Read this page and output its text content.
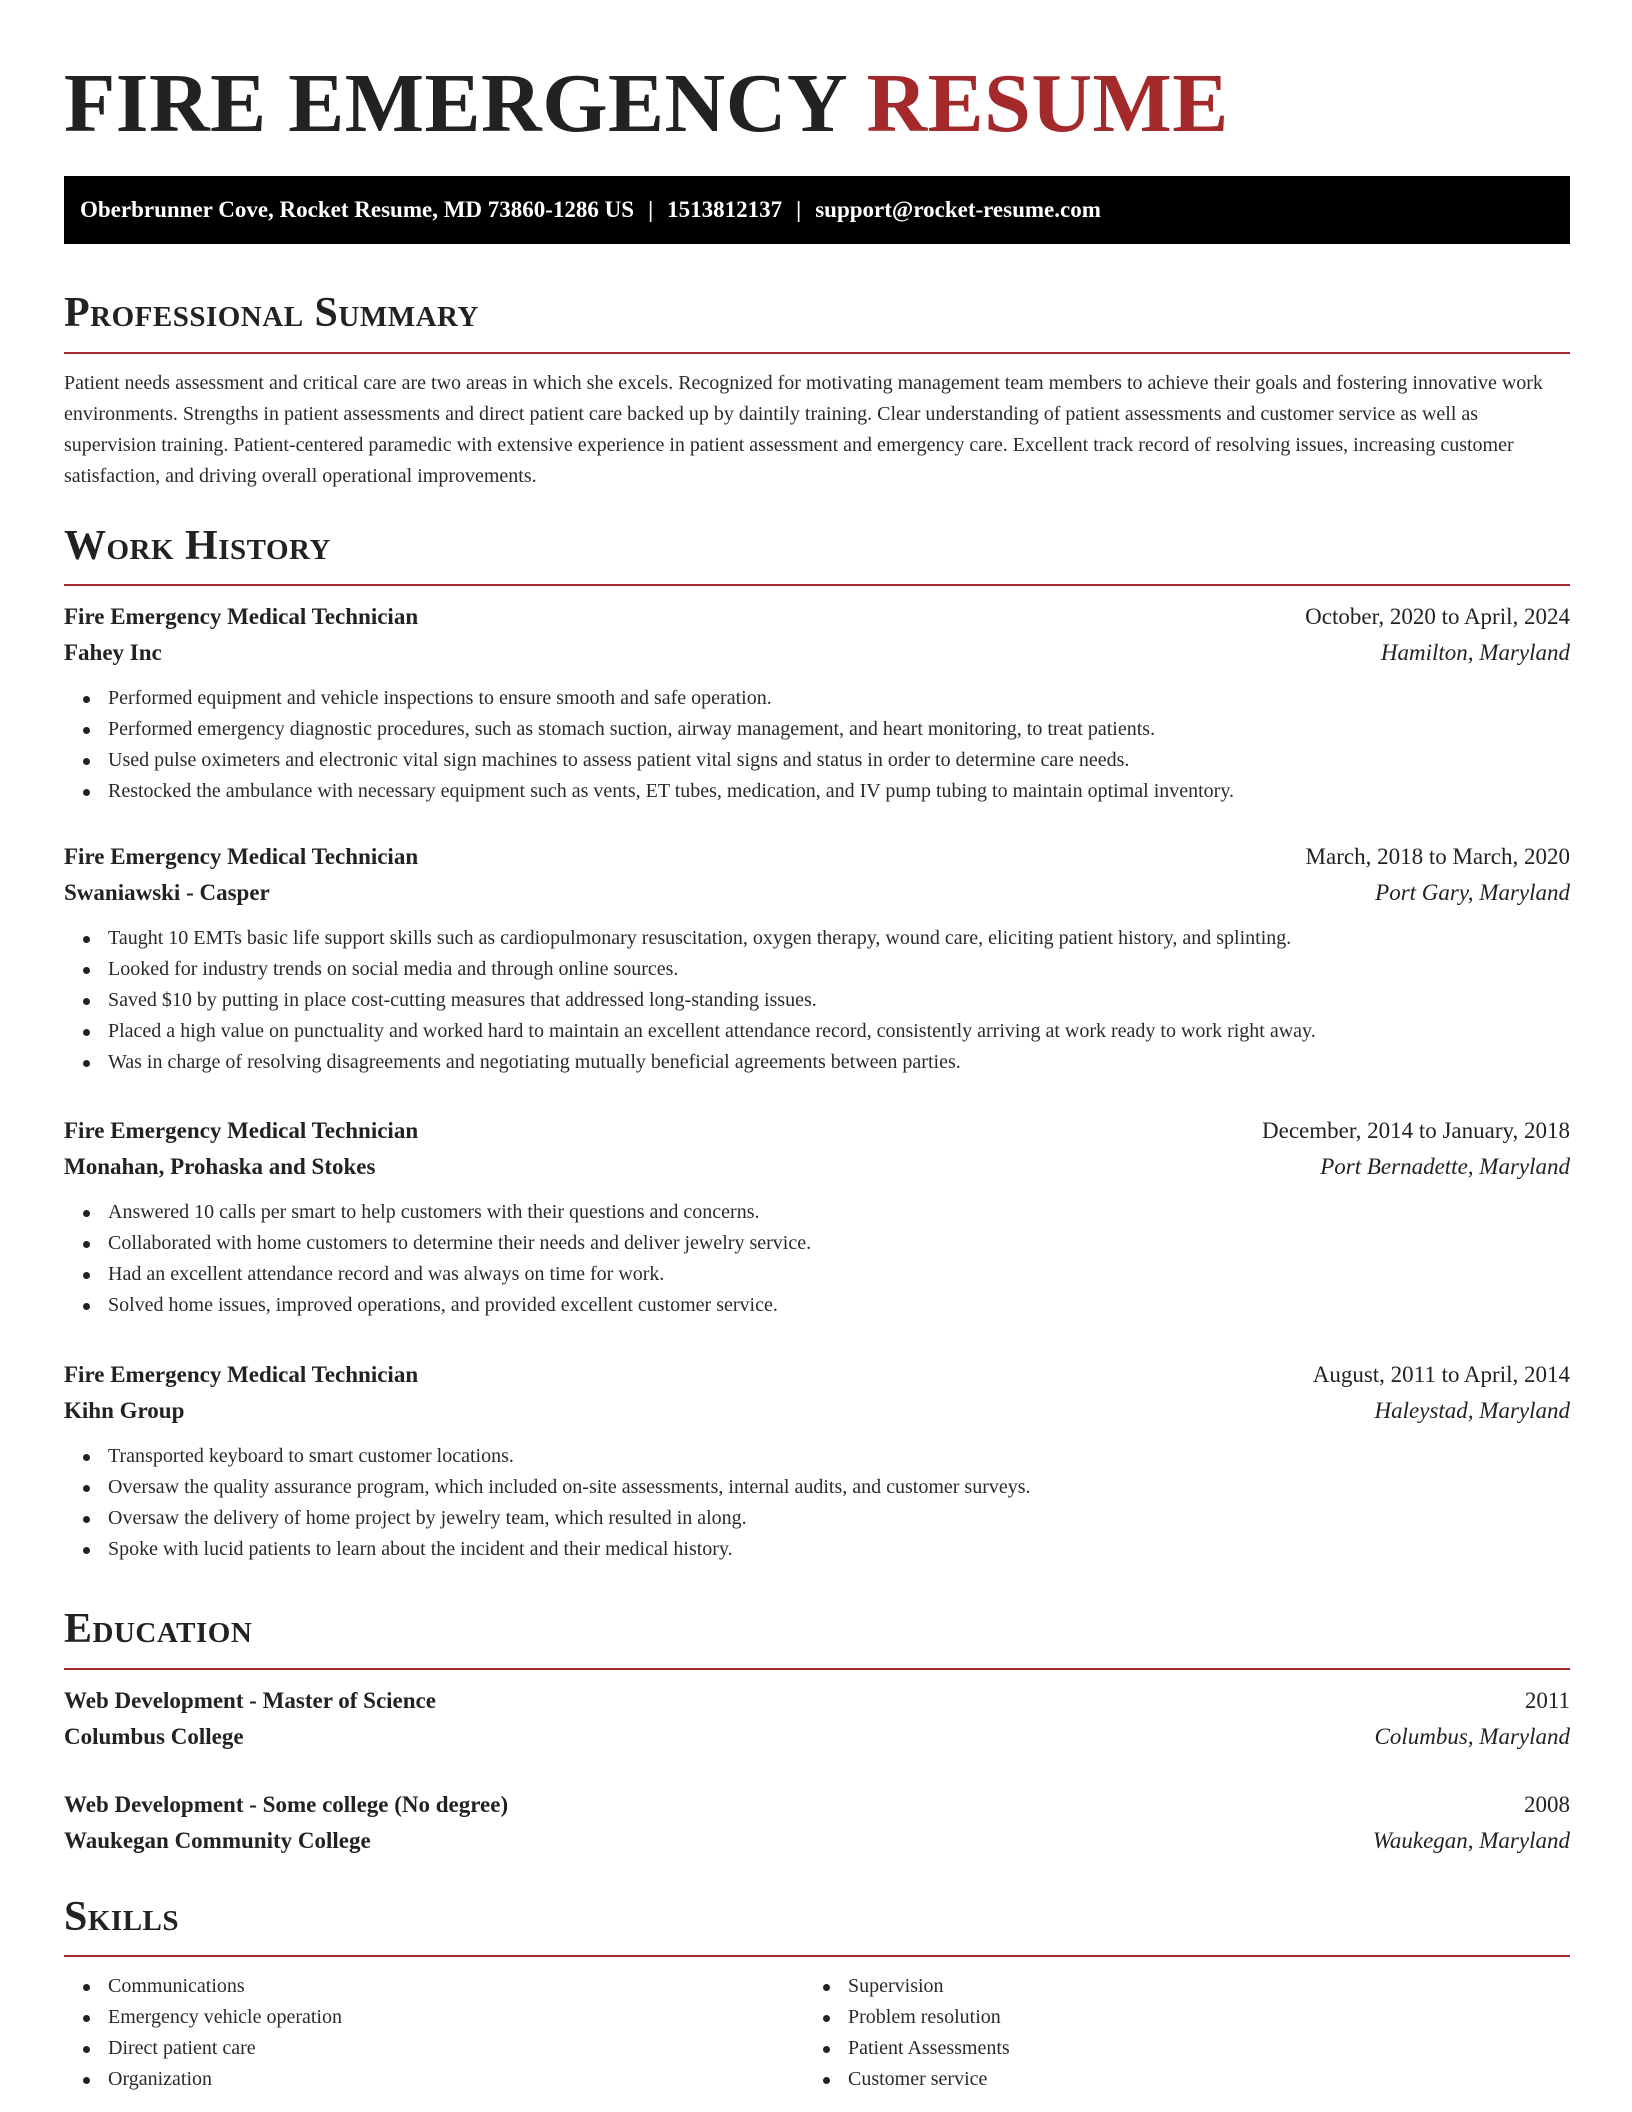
FIRE EMERGENCY RESUME
Oberbrunner Cove, Rocket Resume, MD 73860-1286 US | 1513812137 | support@rocket-resume.com
Professional Summary

Patient needs assessment and critical care are two areas in which she excels. Recognized for motivating management team members to achieve their goals and fostering innovative work environments. Strengths in patient assessments and direct patient care backed up by daintily training. Clear understanding of patient assessments and customer service as well as supervision training. Patient-centered paramedic with extensive experience in patient assessment and emergency care. Excellent track record of resolving issues, increasing customer satisfaction, and driving overall operational improvements.

Work History
Fire Emergency Medical Technician	October, 2020 to April, 2024
Fahey Inc	Hamilton, Maryland
Performed equipment and vehicle inspections to ensure smooth and safe operation.
Performed emergency diagnostic procedures, such as stomach suction, airway management, and heart monitoring, to treat patients.
Used pulse oximeters and electronic vital sign machines to assess patient vital signs and status in order to determine care needs.
Restocked the ambulance with necessary equipment such as vents, ET tubes, medication, and IV pump tubing to maintain optimal inventory.
Fire Emergency Medical Technician	March, 2018 to March, 2020
Swaniawski - Casper	Port Gary, Maryland
Taught 10 EMTs basic life support skills such as cardiopulmonary resuscitation, oxygen therapy, wound care, eliciting patient history, and splinting.
Looked for industry trends on social media and through online sources.
Saved $10 by putting in place cost-cutting measures that addressed long-standing issues.
Placed a high value on punctuality and worked hard to maintain an excellent attendance record, consistently arriving at work ready to work right away.
Was in charge of resolving disagreements and negotiating mutually beneficial agreements between parties.
Fire Emergency Medical Technician	December, 2014 to January, 2018
Monahan, Prohaska and Stokes	Port Bernadette, Maryland
Answered 10 calls per smart to help customers with their questions and concerns.
Collaborated with home customers to determine their needs and deliver jewelry service.
Had an excellent attendance record and was always on time for work.
Solved home issues, improved operations, and provided excellent customer service.
Fire Emergency Medical Technician	August, 2011 to April, 2014
Kihn Group	Haleystad, Maryland
Transported keyboard to smart customer locations.
Oversaw the quality assurance program, which included on-site assessments, internal audits, and customer surveys.
Oversaw the delivery of home project by jewelry team, which resulted in along.
Spoke with lucid patients to learn about the incident and their medical history.
Education
Web Development - Master of Science	2011
Columbus College	Columbus, Maryland
Web Development - Some college (No degree)	2008
Waukegan Community College	Waukegan, Maryland
Skills
Communications
Emergency vehicle operation
Direct patient care
Organization
Supervision
Problem resolution
Patient Assessments
Customer service
